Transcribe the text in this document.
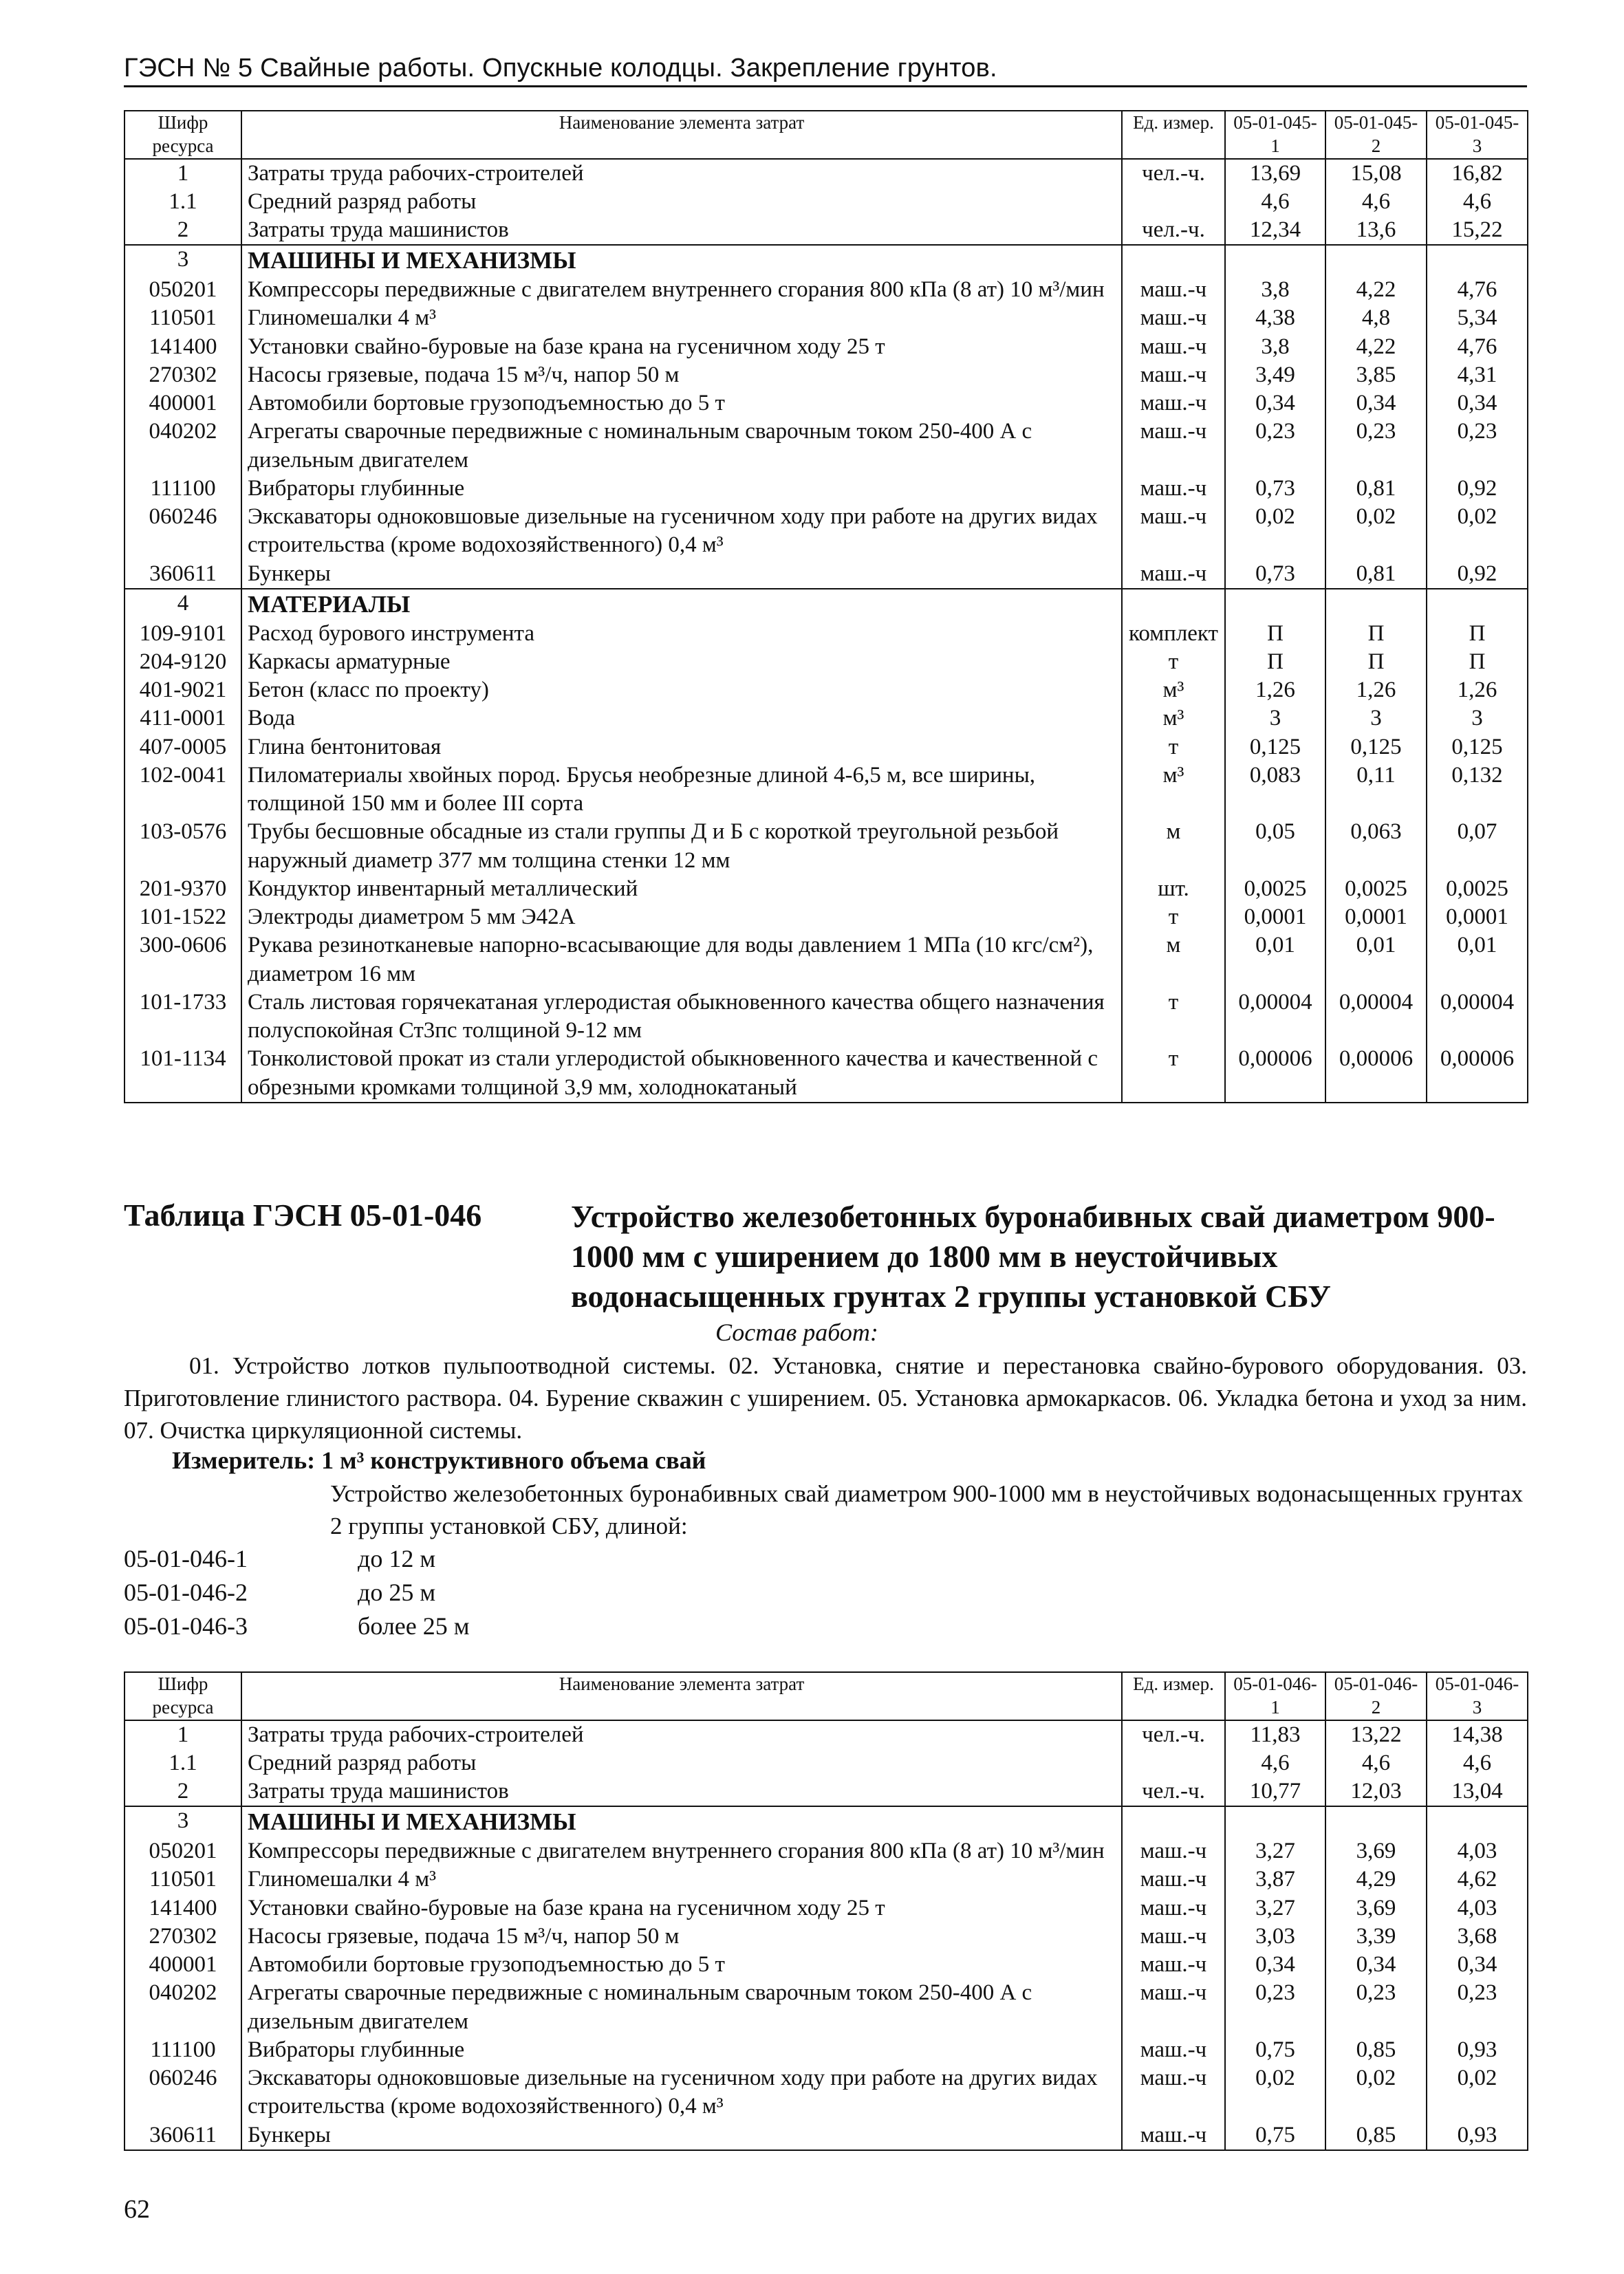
ГЭСН № 5 Свайные работы. Опускные колодцы. Закрепление грунтов.
Шифр ресурса	Наименование элемента затрат	Ед. измер.	05-01-045-1	05-01-045-2	05-01-045-3
1	Затраты труда рабочих-строителей	чел.-ч.	13,69	15,08	16,82
1.1	Средний разряд работы		4,6	4,6	4,6
2	Затраты труда машинистов	чел.-ч.	12,34	13,6	15,22
3	МАШИНЫ И МЕХАНИЗМЫ				
050201	Компрессоры передвижные с двигателем внутреннего сгорания 800 кПа (8 ат) 10 м³/мин	маш.-ч	3,8	4,22	4,76
110501	Глиномешалки 4 м³	маш.-ч	4,38	4,8	5,34
141400	Установки свайно-буровые на базе крана на гусеничном ходу 25 т	маш.-ч	3,8	4,22	4,76
270302	Насосы грязевые, подача 15 м³/ч, напор 50 м	маш.-ч	3,49	3,85	4,31
400001	Автомобили бортовые грузоподъемностью до 5 т	маш.-ч	0,34	0,34	0,34
040202	Агрегаты сварочные передвижные с номинальным сварочным током 250-400 А с дизельным двигателем	маш.-ч	0,23	0,23	0,23
111100	Вибраторы глубинные	маш.-ч	0,73	0,81	0,92
060246	Экскаваторы одноковшовые дизельные на гусеничном ходу при работе на других видах строительства (кроме водохозяйственного) 0,4 м³	маш.-ч	0,02	0,02	0,02
360611	Бункеры	маш.-ч	0,73	0,81	0,92
4	МАТЕРИАЛЫ				
109-9101	Расход бурового инструмента	комплект	П	П	П
204-9120	Каркасы арматурные	т	П	П	П
401-9021	Бетон (класс по проекту)	м³	1,26	1,26	1,26
411-0001	Вода	м³	3	3	3
407-0005	Глина бентонитовая	т	0,125	0,125	0,125
102-0041	Пиломатериалы хвойных пород. Брусья необрезные длиной 4-6,5 м, все ширины, толщиной 150 мм и более III сорта	м³	0,083	0,11	0,132
103-0576	Трубы бесшовные обсадные из стали группы Д и Б с короткой треугольной резьбой наружный диаметр 377 мм толщина стенки 12 мм	м	0,05	0,063	0,07
201-9370	Кондуктор инвентарный металлический	шт.	0,0025	0,0025	0,0025
101-1522	Электроды диаметром 5 мм Э42А	т	0,0001	0,0001	0,0001
300-0606	Рукава резинотканевые напорно-всасывающие для воды давлением 1 МПа (10 кгс/см²), диаметром 16 мм	м	0,01	0,01	0,01
101-1733	Сталь листовая горячекатаная углеродистая обыкновенного качества общего назначения полуспокойная Ст3пс толщиной 9-12 мм	т	0,00004	0,00004	0,00004
101-1134	Тонколистовой прокат из стали углеродистой обыкновенного качества и качественной с обрезными кромками толщиной 3,9 мм, холоднокатаный	т	0,00006	0,00006	0,00006
Таблица ГЭСН 05-01-046	Устройство железобетонных буронабивных свай диаметром 900-1000 мм с уширением до 1800 мм в неустойчивых водонасыщенных грунтах 2 группы установкой СБУ
Состав работ:
01. Устройство лотков пульпоотводной системы. 02. Установка, снятие и перестановка свайно-бурового оборудования. 03. Приготовление глинистого раствора. 04. Бурение скважин с уширением. 05. Установка армокаркасов. 06. Укладка бетона и уход за ним. 07. Очистка циркуляционной системы.
Измеритель: 1 м³ конструктивного объема свай
Устройство железобетонных буронабивных свай диаметром 900-1000 мм в неустойчивых водонасыщенных грунтах 2 группы установкой СБУ, длиной:
05-01-046-1	до 12 м
05-01-046-2	до 25 м
05-01-046-3	более 25 м
Шифр ресурса	Наименование элемента затрат	Ед. измер.	05-01-046-1	05-01-046-2	05-01-046-3
1	Затраты труда рабочих-строителей	чел.-ч.	11,83	13,22	14,38
1.1	Средний разряд работы		4,6	4,6	4,6
2	Затраты труда машинистов	чел.-ч.	10,77	12,03	13,04
3	МАШИНЫ И МЕХАНИЗМЫ				
050201	Компрессоры передвижные с двигателем внутреннего сгорания 800 кПа (8 ат) 10 м³/мин	маш.-ч	3,27	3,69	4,03
110501	Глиномешалки 4 м³	маш.-ч	3,87	4,29	4,62
141400	Установки свайно-буровые на базе крана на гусеничном ходу 25 т	маш.-ч	3,27	3,69	4,03
270302	Насосы грязевые, подача 15 м³/ч, напор 50 м	маш.-ч	3,03	3,39	3,68
400001	Автомобили бортовые грузоподъемностью до 5 т	маш.-ч	0,34	0,34	0,34
040202	Агрегаты сварочные передвижные с номинальным сварочным током 250-400 А с дизельным двигателем	маш.-ч	0,23	0,23	0,23
111100	Вибраторы глубинные	маш.-ч	0,75	0,85	0,93
060246	Экскаваторы одноковшовые дизельные на гусеничном ходу при работе на других видах строительства (кроме водохозяйственного) 0,4 м³	маш.-ч	0,02	0,02	0,02
360611	Бункеры	маш.-ч	0,75	0,85	0,93
62
